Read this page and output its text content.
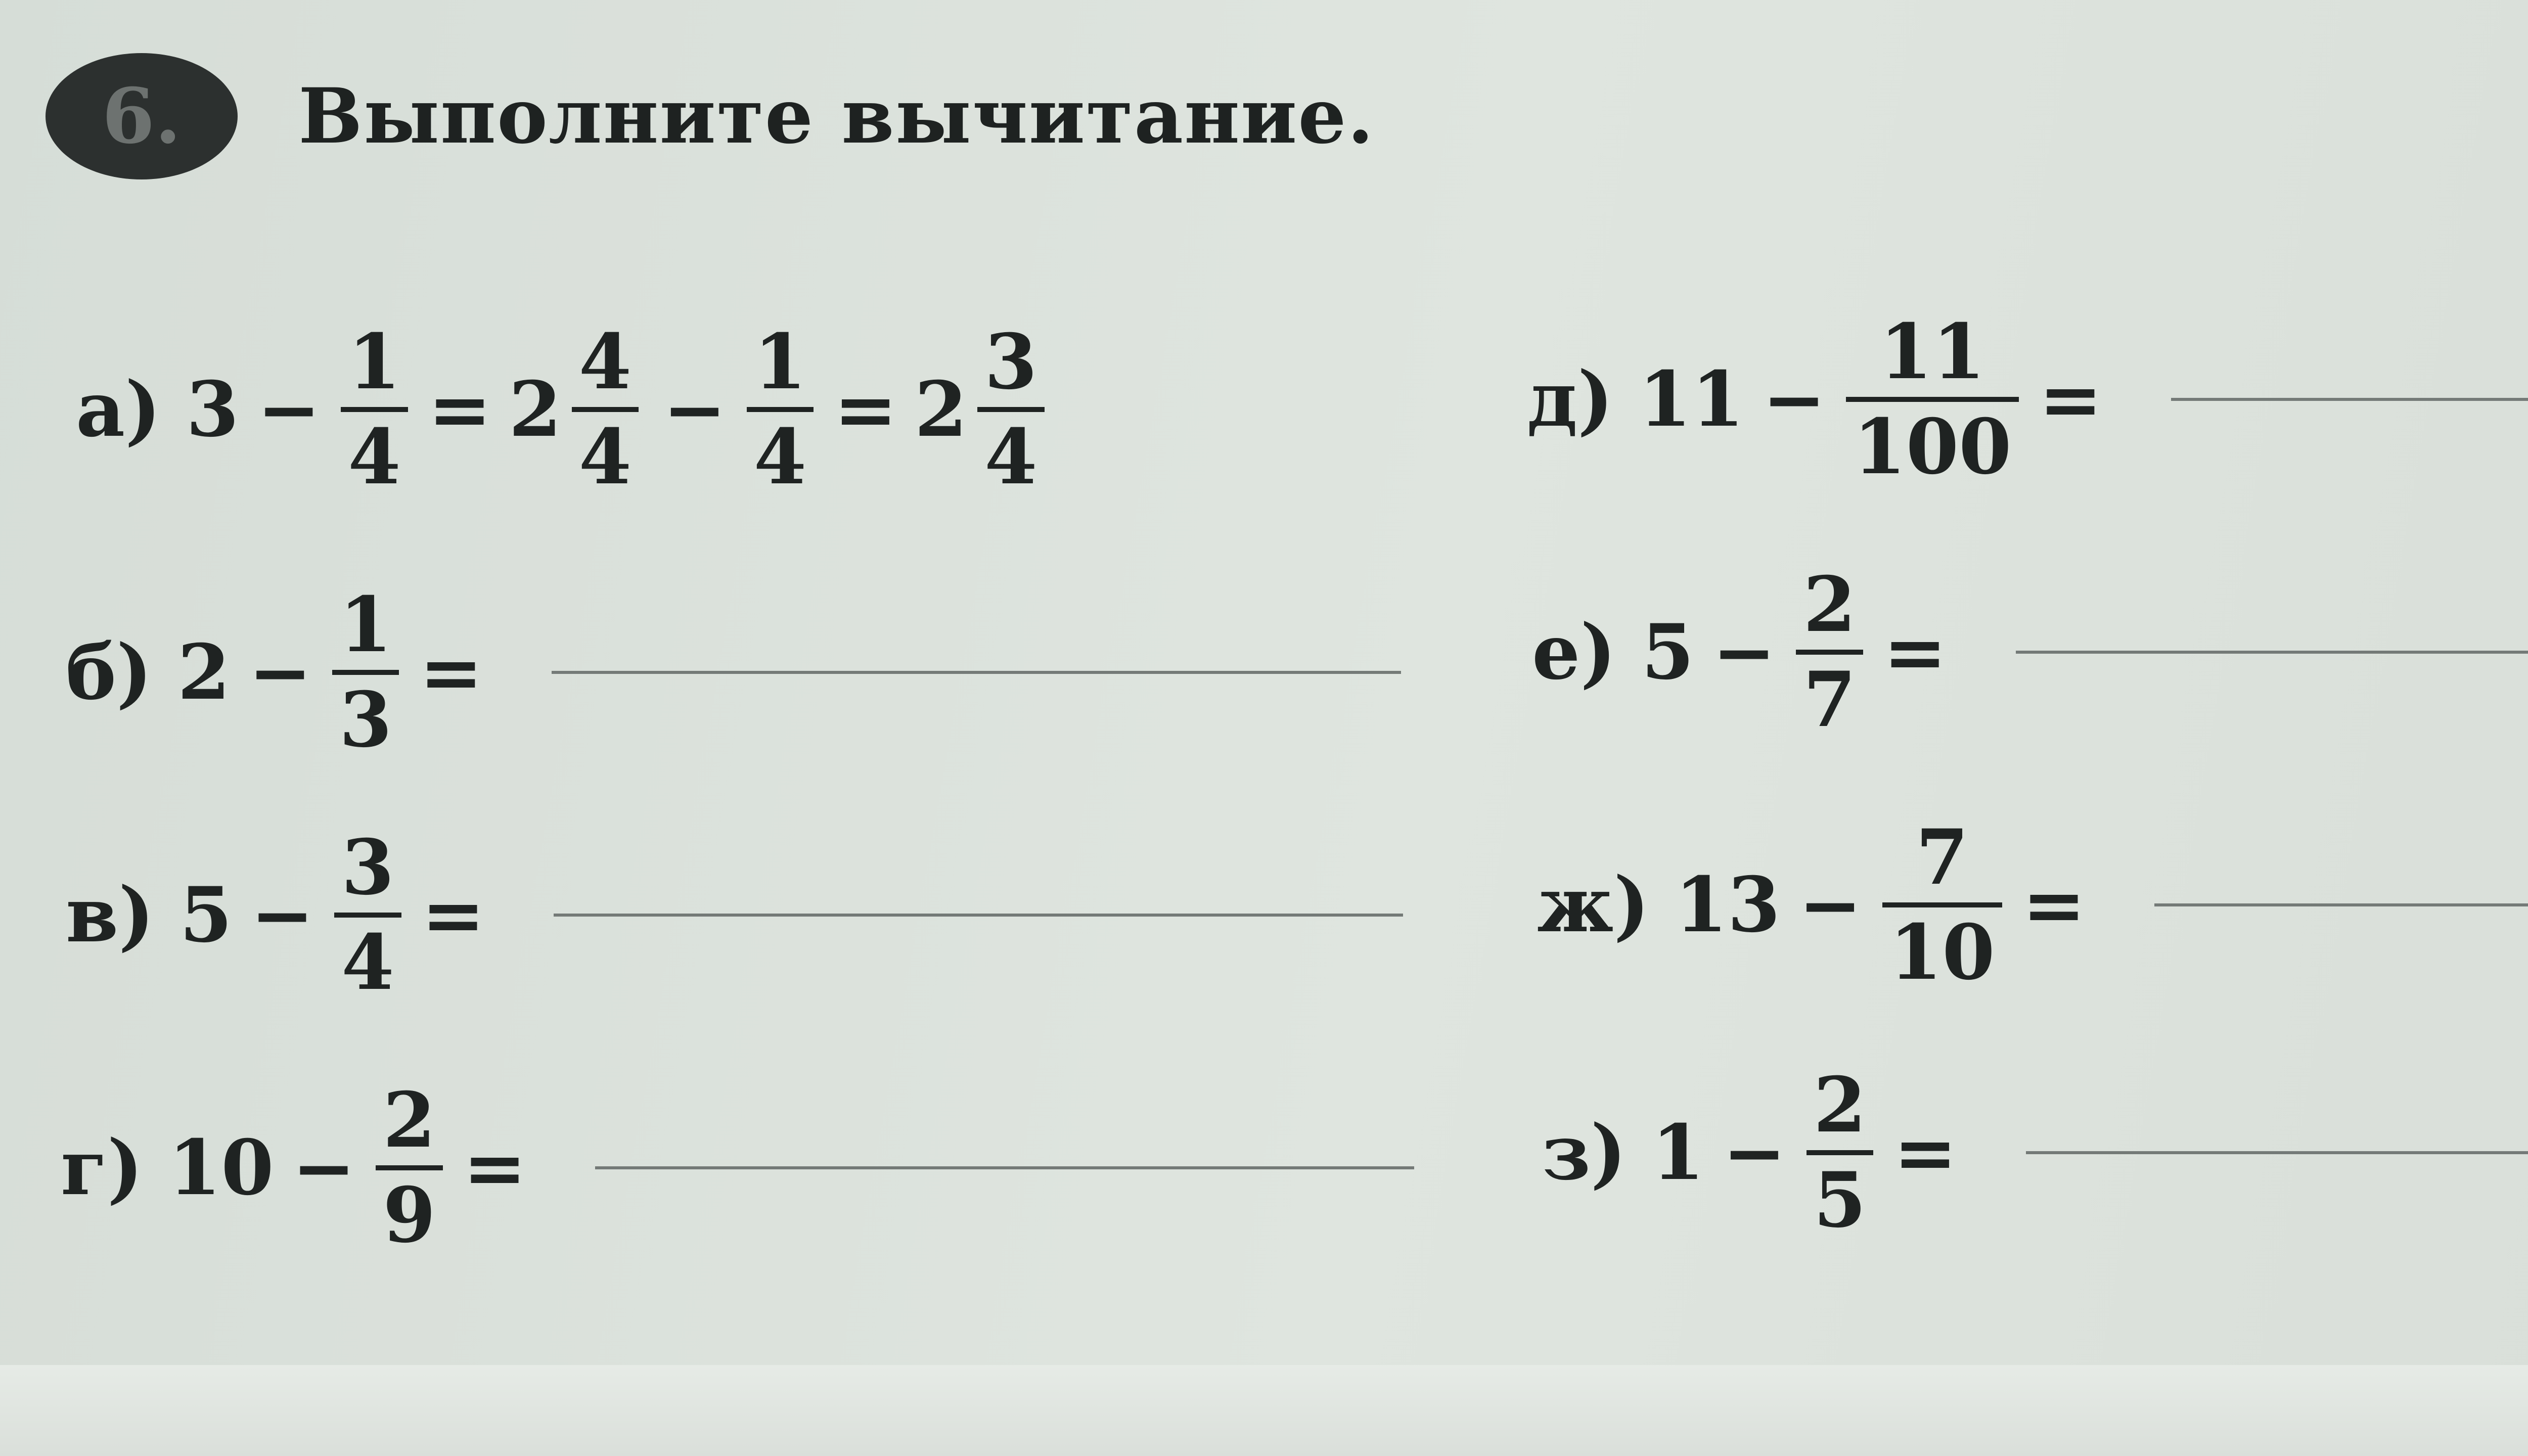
6. Выполните вычитание.
а) $3 - \frac{1}{4} = 2 \frac{4}{4} - \frac{1}{4} = 2 \frac{3}{4}$
б) $2 - \frac{1}{3}$ =
в) $5 - \frac{3}{4}$ =
г) $10 - \frac{2}{9}$ =
д) $11 - \frac{11}{100}$ =
е) $5 - \frac{2}{7}$ =
ж) $13 - \frac{7}{10}$ =
з) $1 - \frac{2}{5}$ =
